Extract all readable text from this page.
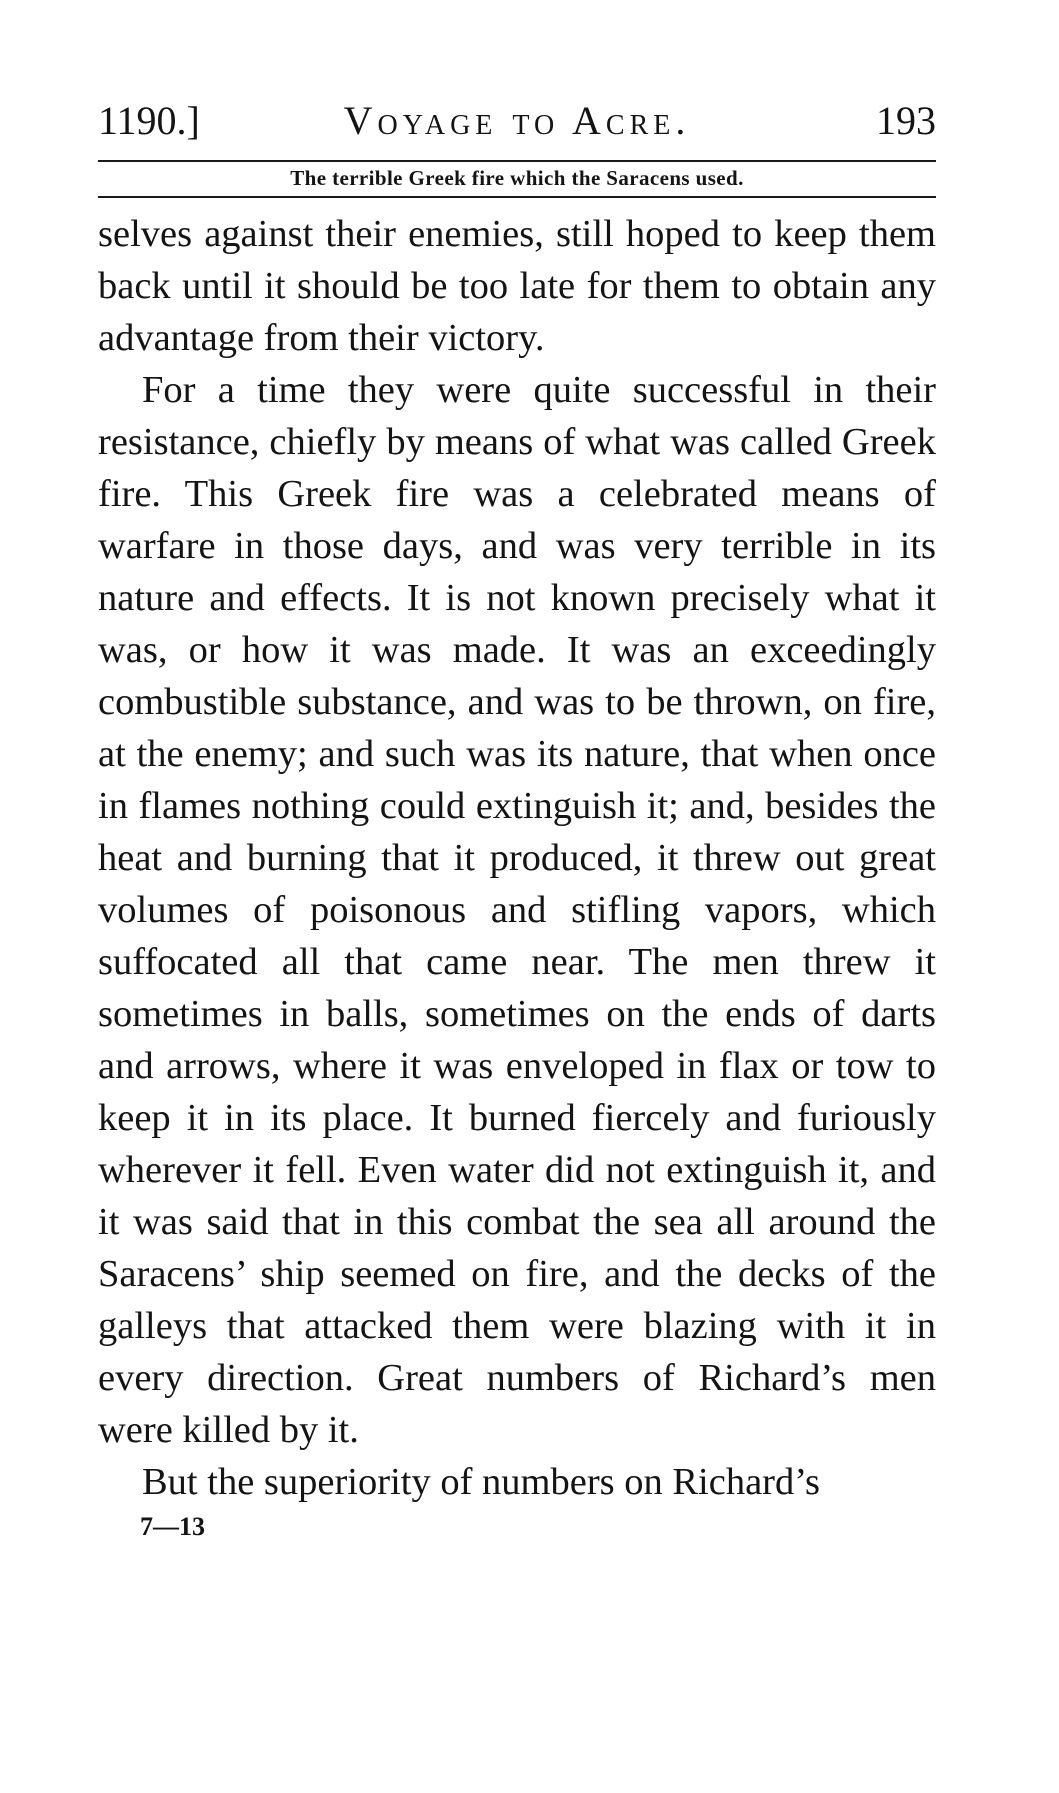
1190.]	Voyage to Acre.	193
The terrible Greek fire which the Saracens used.

selves against their enemies, still hoped to keep them back until it should be too late for them to obtain any advantage from their victory.

For a time they were quite successful in their resistance, chiefly by means of what was called Greek fire. This Greek fire was a celebrated means of warfare in those days, and was very terrible in its nature and effects. It is not known precisely what it was, or how it was made. It was an exceedingly combustible substance, and was to be thrown, on fire, at the enemy; and such was its nature, that when once in flames nothing could extinguish it; and, besides the heat and burning that it produced, it threw out great volumes of poisonous and stifling vapors, which suffocated all that came near. The men threw it sometimes in balls, sometimes on the ends of darts and arrows, where it was enveloped in flax or tow to keep it in its place. It burned fiercely and furiously wherever it fell. Even water did not extinguish it, and it was said that in this combat the sea all around the Saracens’ ship seemed on fire, and the decks of the galleys that attacked them were blazing with it in every direction. Great numbers of Richard’s men were killed by it.

But the superiority of numbers on Richard’s

7—13
